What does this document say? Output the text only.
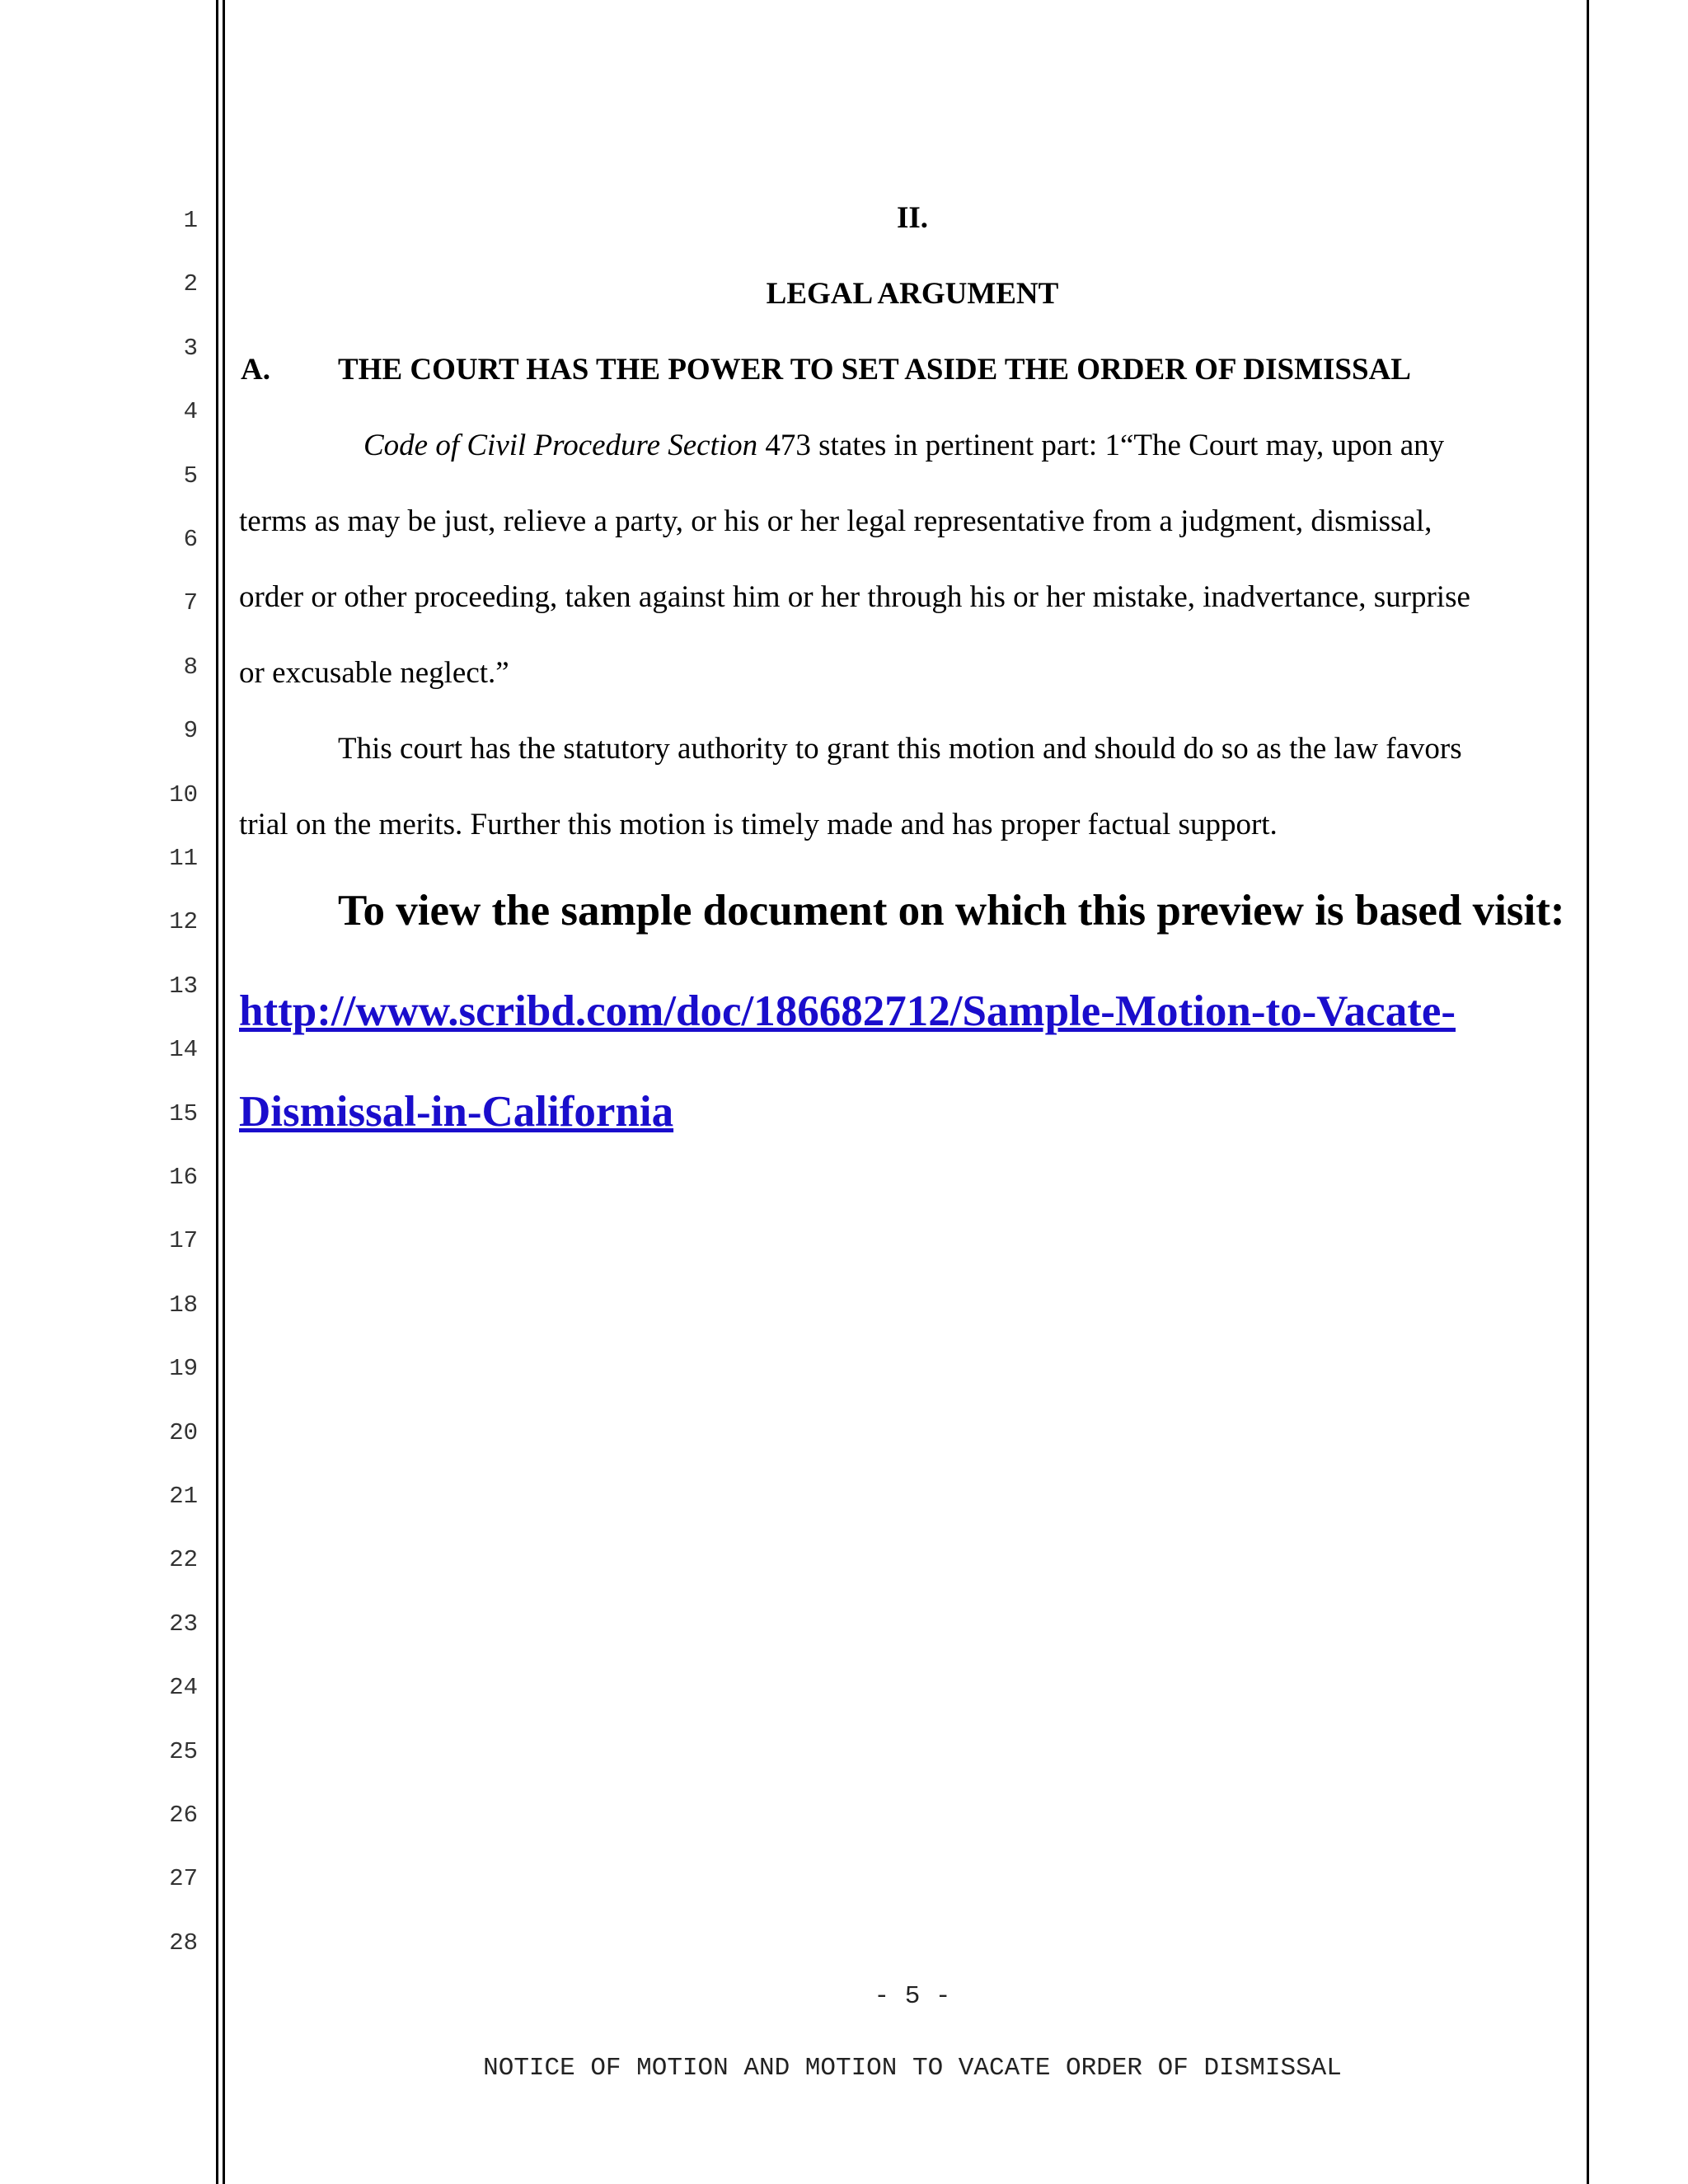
1
2
3
4
5
6
7
8
9
10
11
12
13
14
15
16
17
18
19
20
21
22
23
24
25
26
27
28
II.
LEGAL ARGUMENT
A. THE COURT HAS THE POWER TO SET ASIDE THE ORDER OF DISMISSAL
Code of Civil Procedure Section 473 states in pertinent part: 1“The Court may, upon any
terms as may be just, relieve a party, or his or her legal representative from a judgment, dismissal,
order or other proceeding, taken against him or her through his or her mistake, inadvertance, surprise
or excusable neglect.”
This court has the statutory authority to grant this motion and should do so as the law favors
trial on the merits. Further this motion is timely made and has proper factual support.
To view the sample document on which this preview is based visit:
http://www.scribd.com/doc/186682712/Sample-Motion-to-Vacate-
Dismissal-in-California
- 5 -
NOTICE OF MOTION AND MOTION TO VACATE ORDER OF DISMISSAL
